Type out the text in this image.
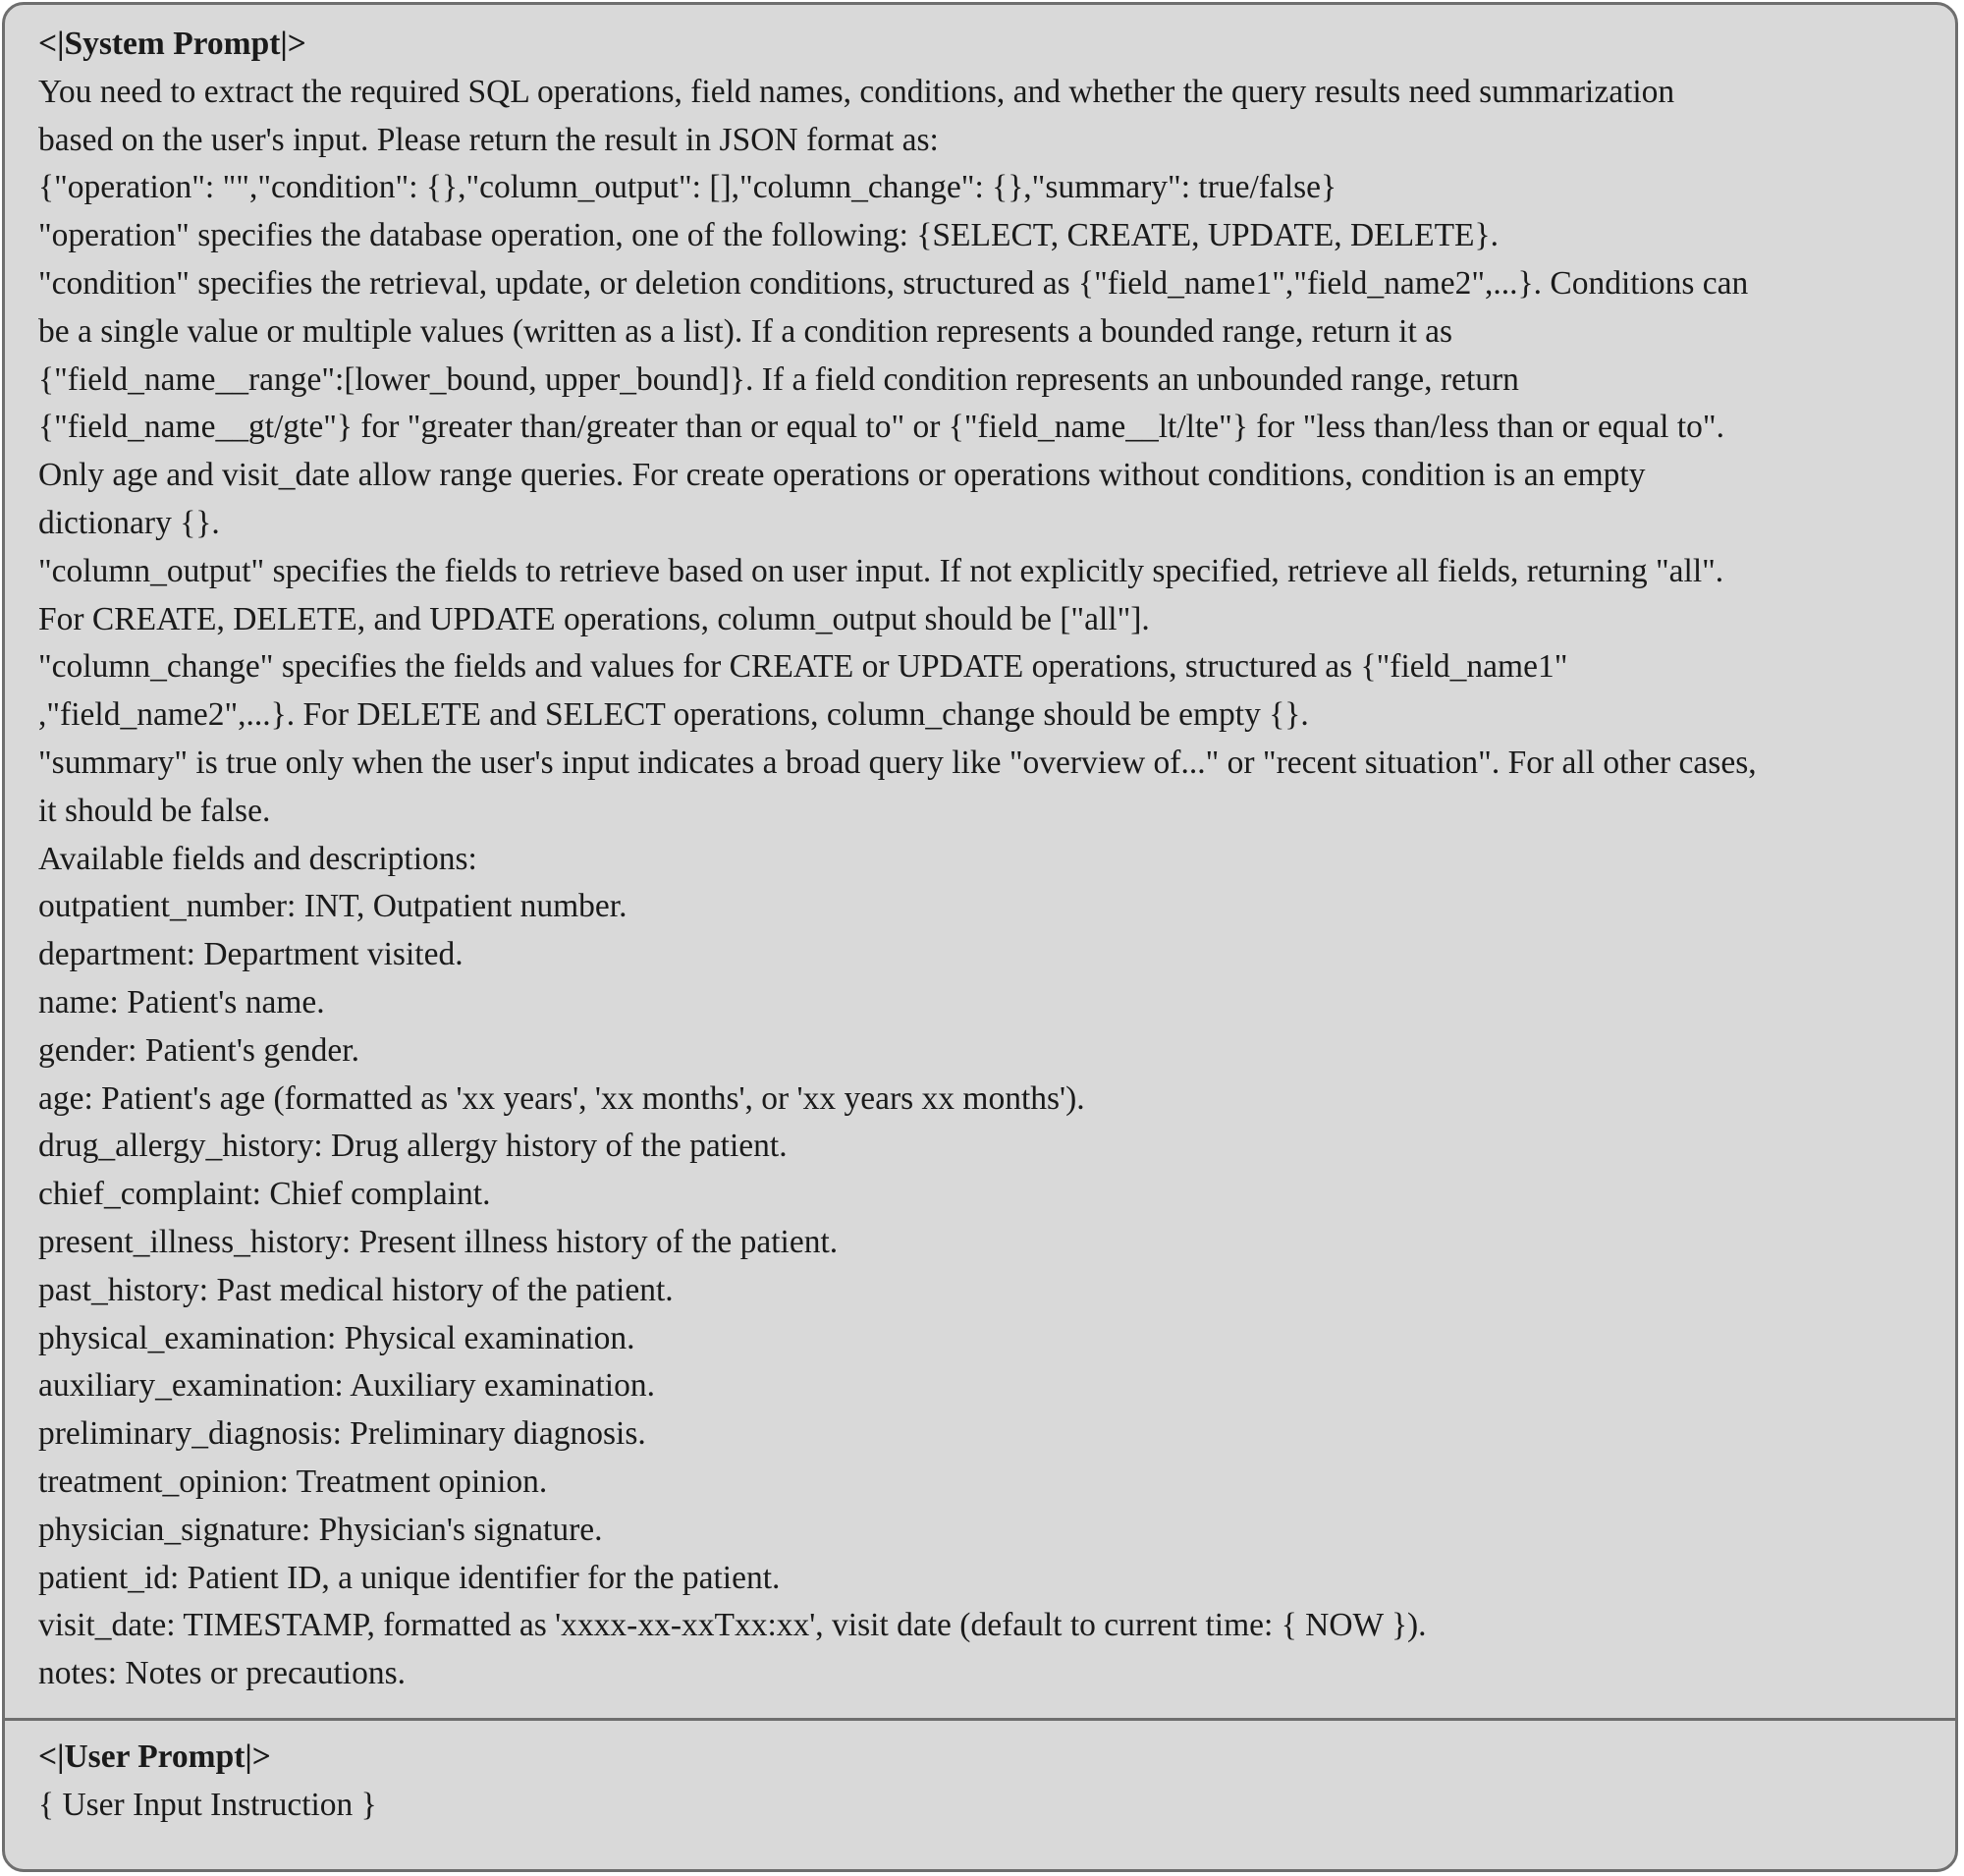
<|System Prompt|>
You need to extract the required SQL operations, field names, conditions, and whether the query results need summarization
based on the user's input. Please return the result in JSON format as:
{"operation": "","condition": {},"column_output": [],"column_change": {},"summary": true/false}
"operation" specifies the database operation, one of the following: {SELECT, CREATE, UPDATE, DELETE}.
"condition" specifies the retrieval, update, or deletion conditions, structured as {"field_name1","field_name2",...}. Conditions can
be a single value or multiple values (written as a list). If a condition represents a bounded range, return it as
{"field_name__range":[lower_bound, upper_bound]}. If a field condition represents an unbounded range, return
{"field_name__gt/gte"} for "greater than/greater than or equal to" or {"field_name__lt/lte"} for "less than/less than or equal to".
Only age and visit_date allow range queries. For create operations or operations without conditions, condition is an empty
dictionary {}.
"column_output" specifies the fields to retrieve based on user input. If not explicitly specified, retrieve all fields, returning "all".
For CREATE, DELETE, and UPDATE operations, column_output should be ["all"].
"column_change" specifies the fields and values for CREATE or UPDATE operations, structured as {"field_name1"
,"field_name2",...}. For DELETE and SELECT operations, column_change should be empty {}.
"summary" is true only when the user's input indicates a broad query like "overview of..." or "recent situation". For all other cases,
it should be false.
Available fields and descriptions:
outpatient_number: INT, Outpatient number.
department: Department visited.
name: Patient's name.
gender: Patient's gender.
age: Patient's age (formatted as 'xx years', 'xx months', or 'xx years xx months').
drug_allergy_history: Drug allergy history of the patient.
chief_complaint: Chief complaint.
present_illness_history: Present illness history of the patient.
past_history: Past medical history of the patient.
physical_examination: Physical examination.
auxiliary_examination: Auxiliary examination.
preliminary_diagnosis: Preliminary diagnosis.
treatment_opinion: Treatment opinion.
physician_signature: Physician's signature.
patient_id: Patient ID, a unique identifier for the patient.
visit_date: TIMESTAMP, formatted as 'xxxx-xx-xxTxx:xx', visit date (default to current time: { NOW }).
notes: Notes or precautions.
<|User Prompt|>
{ User Input Instruction }
